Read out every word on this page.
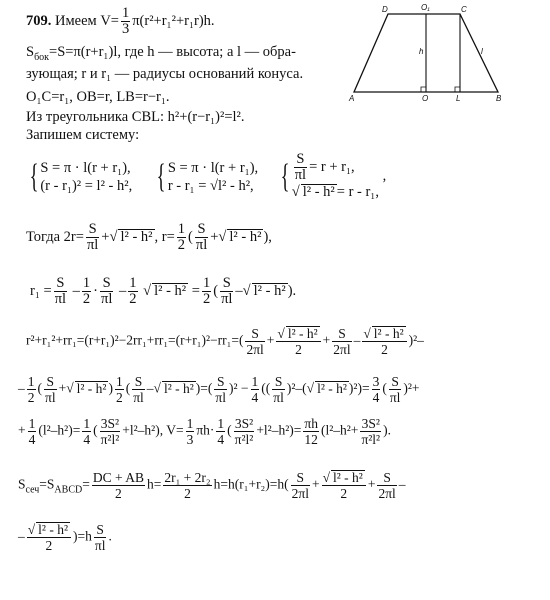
D	O₁	C
A	O	L	B
h	l
709. Имеем $V= \frac{1}{3} \pi(r^2+r_1^2+r_1r)h$.
$S_{бок}=S=\pi(r+r_1)l$, где h — высота; a l — обра-
зующая; r и r₁ — радиусы оснований конуса.
O₁C=r₁, OB=r, LB=r−r₁.
Из треугольника CBL: h²+(r−r₁)²=l².
Запишем систему:
{ S = π · l(r + r₁),
(r - r₁)² = l² - h², { S = π · l(r + r₁),
r - r₁ = √l² - h², { $\frac{S}{\pi l} = r + r_1$,
√ l² - h² = r - r₁,
,
Тогда $2r= \frac{S}{\pi l}$ +√ l² - h² , $r= \frac{1}{2}$ ( $\frac{S}{\pi l}$ +√ l² - h² ),
$r_1 = \frac{S}{\pi l} - \frac{1}{2} \cdot \frac{S}{\pi l} - \frac{1}{2}$ √ $l^2 - h^2 = \frac{1}{2}$ ( $\frac{S}{\pi l}$ –√ l² - h² ).
$r^2+r_1^2+rr_1=(r+r_1)^2-2rr_1+rr_1=(r+r_1)^2-rr_1=( \frac{S}{2\pi l} + \frac{\text{√ l² - h²}}{2} + \frac{S}{2\pi l} - \frac{\text{√ l² - h²}}{2} )^2-$
– $\frac{1}{2}$ ( $\frac{S}{\pi l}$ +√ l² - h² ) $\frac{1}{2}$ ( $\frac{S}{\pi l}$ –√ l² - h² )=( $\frac{S}{\pi l} )^2 - \frac{1}{4}$ (( $\frac{S}{\pi l} )^2-(√$ l² - h² )$^2)= \frac{3}{4}$ ( $\frac{S}{\pi l} )^2+$
+ $\frac{1}{4} (l^2-h^2)= \frac{1}{4}$ ( $\frac{\text{3S²}}{\text{π²l²}} +l^2-h^2$), $V= \frac{1}{3} \pi h\cdot \frac{1}{4}$ ( $\frac{\text{3S²}}{\text{π²l²}} +l^2-h^2)= \frac{\pi h}{12} (l^2-h^2+ \frac{\text{3S²}}{\text{π²l²}}$ ).
$S_{сеч}=S_{ABCD}= \frac{DC + AB}{2} h= \frac{\text{2r₁ + 2r₂}}{2} h=h(r_1+r_2)=h( \frac{S}{2\pi l} + \frac{\text{√ l² - h²}}{2} + \frac{S}{2\pi l}$ –
– $\frac{\text{√ l² - h²}}{2} )=h \frac{S}{\pi l}$ .
